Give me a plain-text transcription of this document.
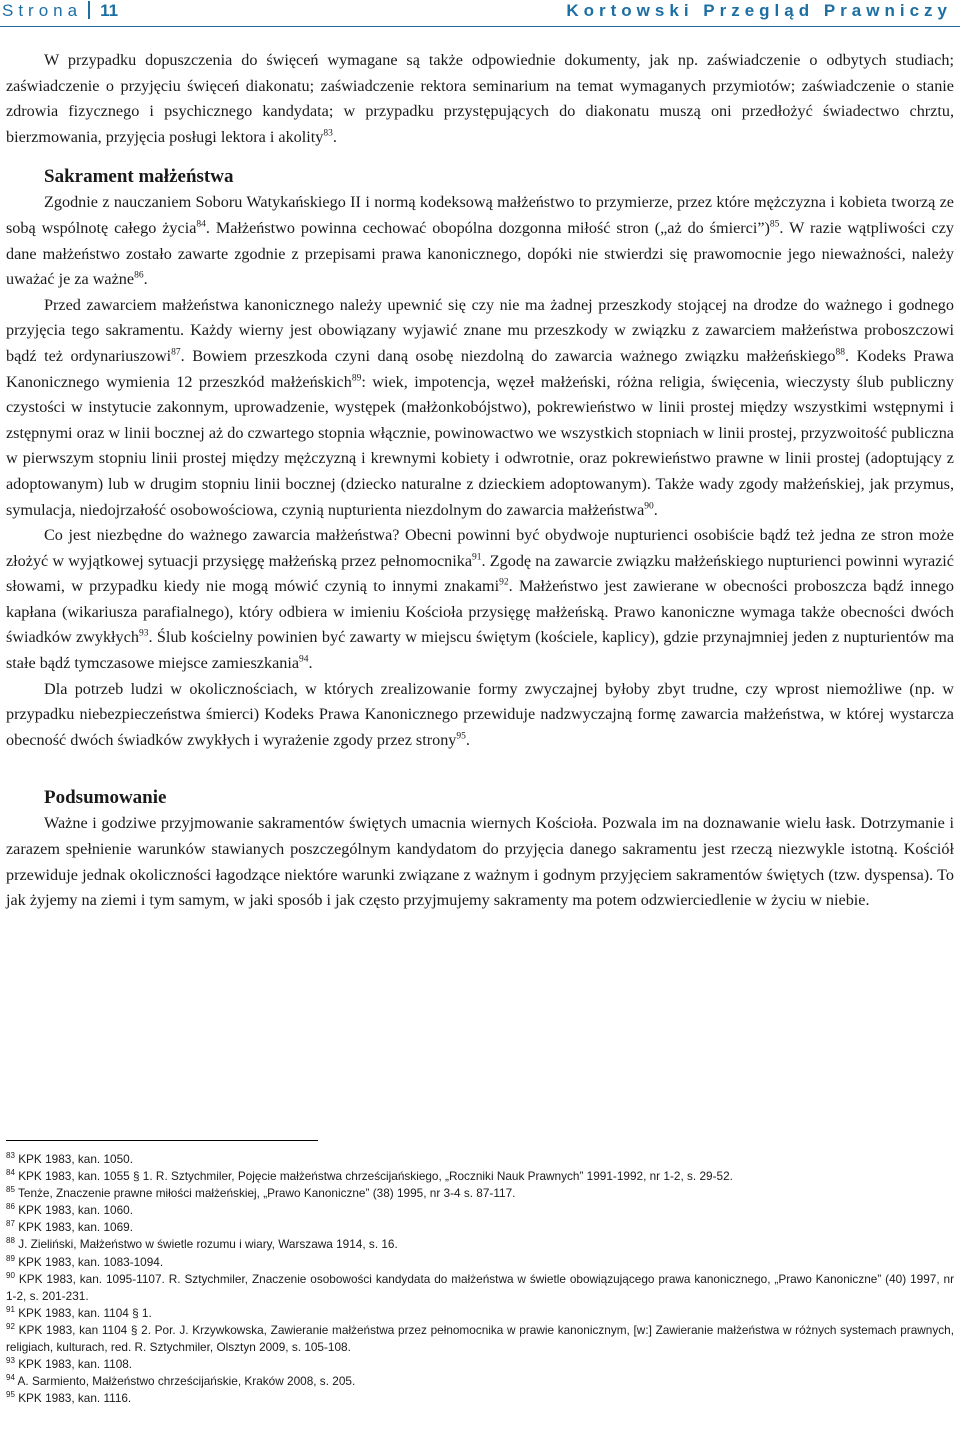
Strona 11	Kortowski Przegląd Prawniczy

W przypadku dopuszczenia do święceń wymagane są także odpowiednie dokumenty, jak np. zaświadczenie o odbytych studiach; zaświadczenie o przyjęciu święceń diakonatu; zaświadczenie rektora seminarium na temat wymaganych przymiotów; zaświadczenie o stanie zdrowia fizycznego i psychicznego kandydata; w przypadku przystępujących do diakonatu muszą oni przedłożyć świadectwo chrztu, bierzmowania, przyjęcia posługi lektora i akolity$^{83}$.

Sakrament małżeństwa

Zgodnie z nauczaniem Soboru Watykańskiego II i normą kodeksową małżeństwo to przymierze, przez które mężczyzna i kobieta tworzą ze sobą wspólnotę całego życia$^{84}$. Małżeństwo powinna cechować obopólna dozgonna miłość stron („aż do śmierci”)$^{85}$. W razie wątpliwości czy dane małżeństwo zostało zawarte zgodnie z przepisami prawa kanonicznego, dopóki nie stwierdzi się prawomocnie jego nieważności, należy uważać je za ważne$^{86}$.

Przed zawarciem małżeństwa kanonicznego należy upewnić się czy nie ma żadnej przeszkody stojącej na drodze do ważnego i godnego przyjęcia tego sakramentu. Każdy wierny jest obowiązany wyjawić znane mu przeszkody w związku z zawarciem małżeństwa proboszczowi bądź też ordynariuszowi$^{87}$. Bowiem przeszkoda czyni daną osobę niezdolną do zawarcia ważnego związku małżeńskiego$^{88}$. Kodeks Prawa Kanonicznego wymienia 12 przeszkód małżeńskich$^{89}$: wiek, impotencja, węzeł małżeński, różna religia, święcenia, wieczysty ślub publiczny czystości w instytucie zakonnym, uprowadzenie, występek (małżonkobójstwo), pokrewieństwo w linii prostej między wszystkimi wstępnymi i zstępnymi oraz w linii bocznej aż do czwartego stopnia włącznie, powinowactwo we wszystkich stopniach w linii prostej, przyzwoitość publiczna w pierwszym stopniu linii prostej między mężczyzną i krewnymi kobiety i odwrotnie, oraz pokrewieństwo prawne w linii prostej (adoptujący z adoptowanym) lub w drugim stopniu linii bocznej (dziecko naturalne z dzieckiem adoptowanym). Także wady zgody małżeńskiej, jak przymus, symulacja, niedojrzałość osobowościowa, czynią nupturienta niezdolnym do zawarcia małżeństwa$^{90}$.

Co jest niezbędne do ważnego zawarcia małżeństwa? Obecni powinni być obydwoje nupturienci osobiście bądź też jedna ze stron może złożyć w wyjątkowej sytuacji przysięgę małżeńską przez pełnomocnika$^{91}$. Zgodę na zawarcie związku małżeńskiego nupturienci powinni wyrazić słowami, w przypadku kiedy nie mogą mówić czynią to innymi znakami$^{92}$. Małżeństwo jest zawierane w obecności proboszcza bądź innego kapłana (wikariusza parafialnego), który odbiera w imieniu Kościoła przysięgę małżeńską. Prawo kanoniczne wymaga także obecności dwóch świadków zwykłych$^{93}$. Ślub kościelny powinien być zawarty w miejscu świętym (kościele, kaplicy), gdzie przynajmniej jeden z nupturientów ma stałe bądź tymczasowe miejsce zamieszkania$^{94}$.

Dla potrzeb ludzi w okolicznościach, w których zrealizowanie formy zwyczajnej byłoby zbyt trudne, czy wprost niemożliwe (np. w przypadku niebezpieczeństwa śmierci) Kodeks Prawa Kanonicznego przewiduje nadzwyczajną formę zawarcia małżeństwa, w której wystarcza obecność dwóch świadków zwykłych i wyrażenie zgody przez strony$^{95}$.

Podsumowanie

Ważne i godziwe przyjmowanie sakramentów świętych umacnia wiernych Kościoła. Pozwala im na doznawanie wielu łask. Dotrzymanie i zarazem spełnienie warunków stawianych poszczególnym kandydatom do przyjęcia danego sakramentu jest rzeczą niezwykle istotną. Kościół przewiduje jednak okoliczności łagodzące niektóre warunki związane z ważnym i godnym przyjęciem sakramentów świętych (tzw. dyspensa). To jak żyjemy na ziemi i tym samym, w jaki sposób i jak często przyjmujemy sakramenty ma potem odzwierciedlenie w życiu w niebie.

$^{83}$ KPK 1983, kan. 1050.

$^{84}$ KPK 1983, kan. 1055 § 1. R. Sztychmiler, Pojęcie małżeństwa chrześcijańskiego, „Roczniki Nauk Prawnych” 1991-1992, nr 1-2, s. 29-52.

$^{85}$ Tenże, Znaczenie prawne miłości małżeńskiej, „Prawo Kanoniczne” (38) 1995, nr 3-4 s. 87-117.

$^{86}$ KPK 1983, kan. 1060.

$^{87}$ KPK 1983, kan. 1069.

$^{88}$ J. Zieliński, Małżeństwo w świetle rozumu i wiary, Warszawa 1914, s. 16.

$^{89}$ KPK 1983, kan. 1083-1094.

$^{90}$ KPK 1983, kan. 1095-1107. R. Sztychmiler, Znaczenie osobowości kandydata do małżeństwa w świetle obowiązującego prawa kanonicznego, „Prawo Kanoniczne” (40) 1997, nr 1-2, s. 201-231.

$^{91}$ KPK 1983, kan. 1104 § 1.

$^{92}$ KPK 1983, kan 1104 § 2. Por. J. Krzywkowska, Zawieranie małżeństwa przez pełnomocnika w prawie kanonicznym, [w:] Zawieranie małżeństwa w różnych systemach prawnych, religiach, kulturach, red. R. Sztychmiler, Olsztyn 2009, s. 105-108.

$^{93}$ KPK 1983, kan. 1108.

$^{94}$ A. Sarmiento, Małżeństwo chrześcijańskie, Kraków 2008, s. 205.

$^{95}$ KPK 1983, kan. 1116.
